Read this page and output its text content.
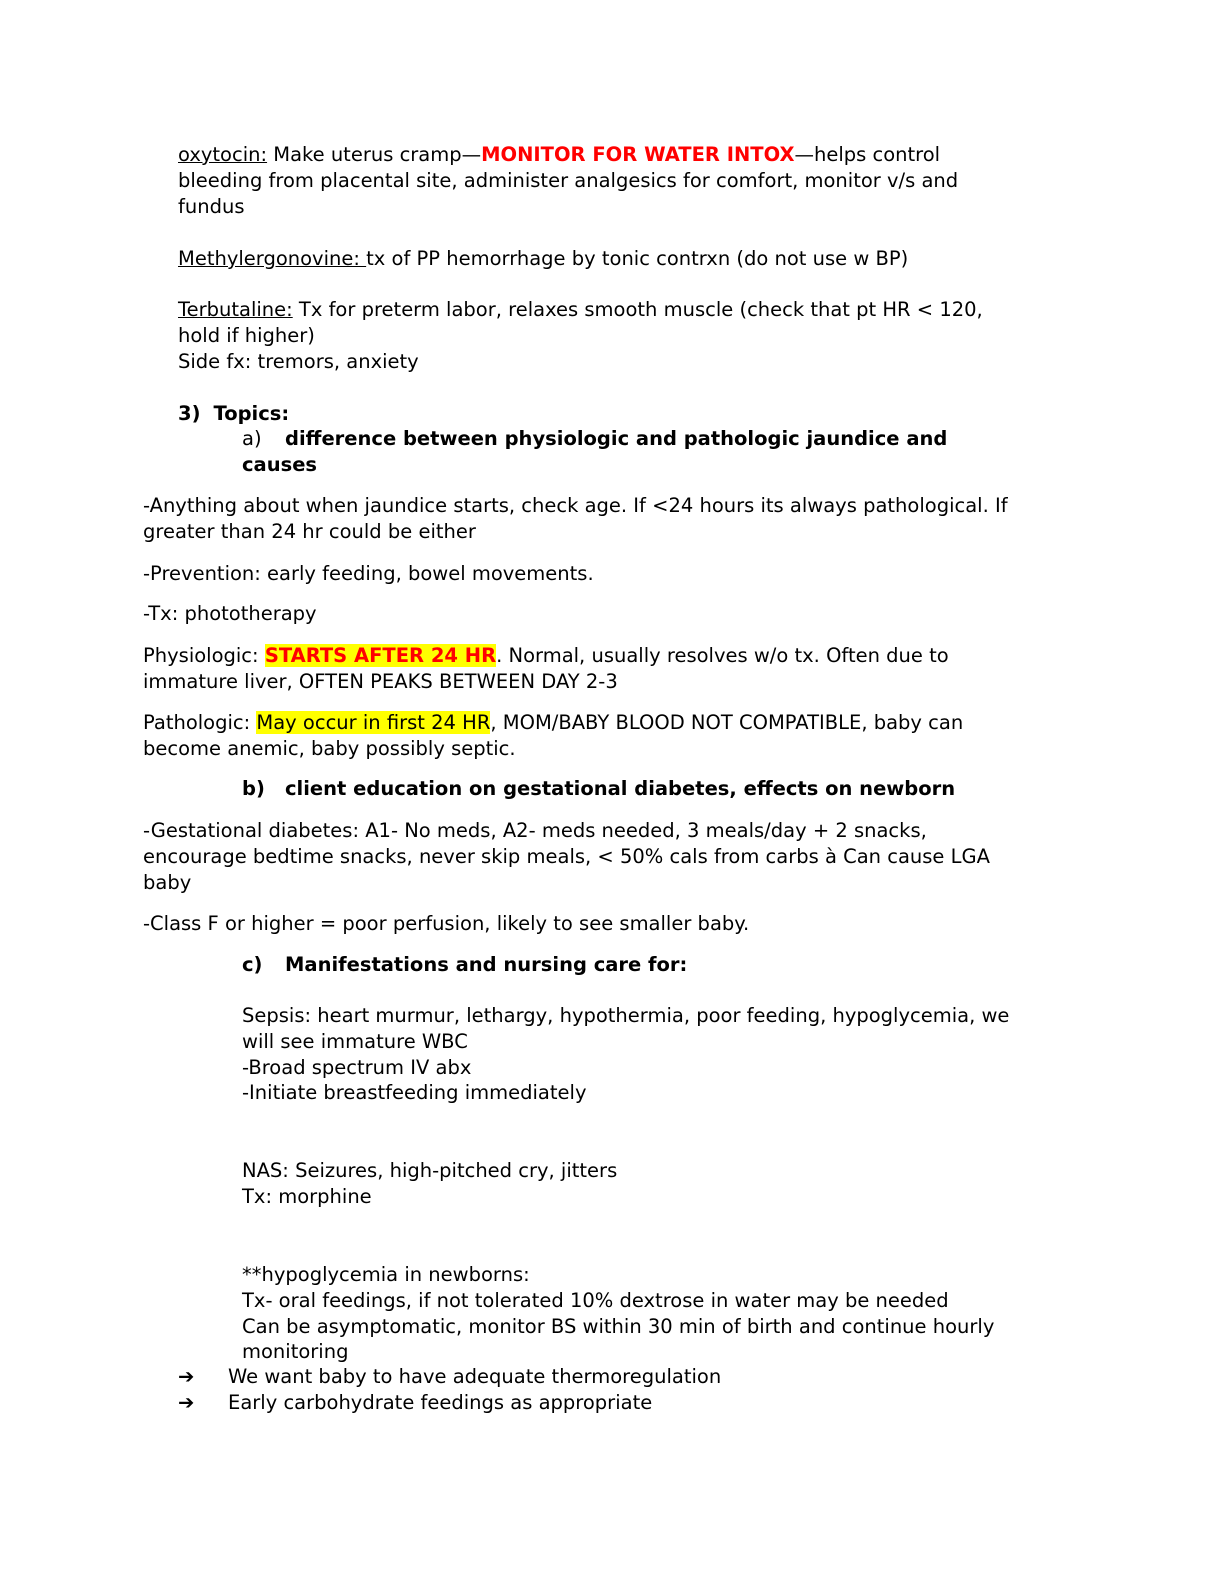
oxytocin: Make uterus cramp—MONITOR FOR WATER INTOX—helps control
bleeding from placental site, administer analgesics for comfort, monitor v/s and
fundus
Methylergonovine: tx of PP hemorrhage by tonic contrxn (do not use w BP)
Terbutaline: Tx for preterm labor, relaxes smooth muscle (check that pt HR < 120,
hold if higher)
Side fx: tremors, anxiety
3) Topics:
a) difference between physiologic and pathologic jaundice and
causes
-Anything about when jaundice starts, check age. If <24 hours its always pathological. If
greater than 24 hr could be either
-Prevention: early feeding, bowel movements.
-Tx: phototherapy
Physiologic: STARTS AFTER 24 HR. Normal, usually resolves w/o tx. Often due to
immature liver, OFTEN PEAKS BETWEEN DAY 2-3
Pathologic: May occur in first 24 HR, MOM/BABY BLOOD NOT COMPATIBLE, baby can
become anemic, baby possibly septic.
b) client education on gestational diabetes, effects on newborn
-Gestational diabetes: A1- No meds, A2- meds needed, 3 meals/day + 2 snacks,
encourage bedtime snacks, never skip meals, < 50% cals from carbs à Can cause LGA
baby
-Class F or higher = poor perfusion, likely to see smaller baby.
c) Manifestations and nursing care for:
Sepsis: heart murmur, lethargy, hypothermia, poor feeding, hypoglycemia, we
will see immature WBC
-Broad spectrum IV abx
-Initiate breastfeeding immediately
NAS: Seizures, high-pitched cry, jitters
Tx: morphine
**hypoglycemia in newborns:
Tx- oral feedings, if not tolerated 10% dextrose in water may be needed
Can be asymptomatic, monitor BS within 30 min of birth and continue hourly
monitoring
➔ We want baby to have adequate thermoregulation
➔ Early carbohydrate feedings as appropriate
